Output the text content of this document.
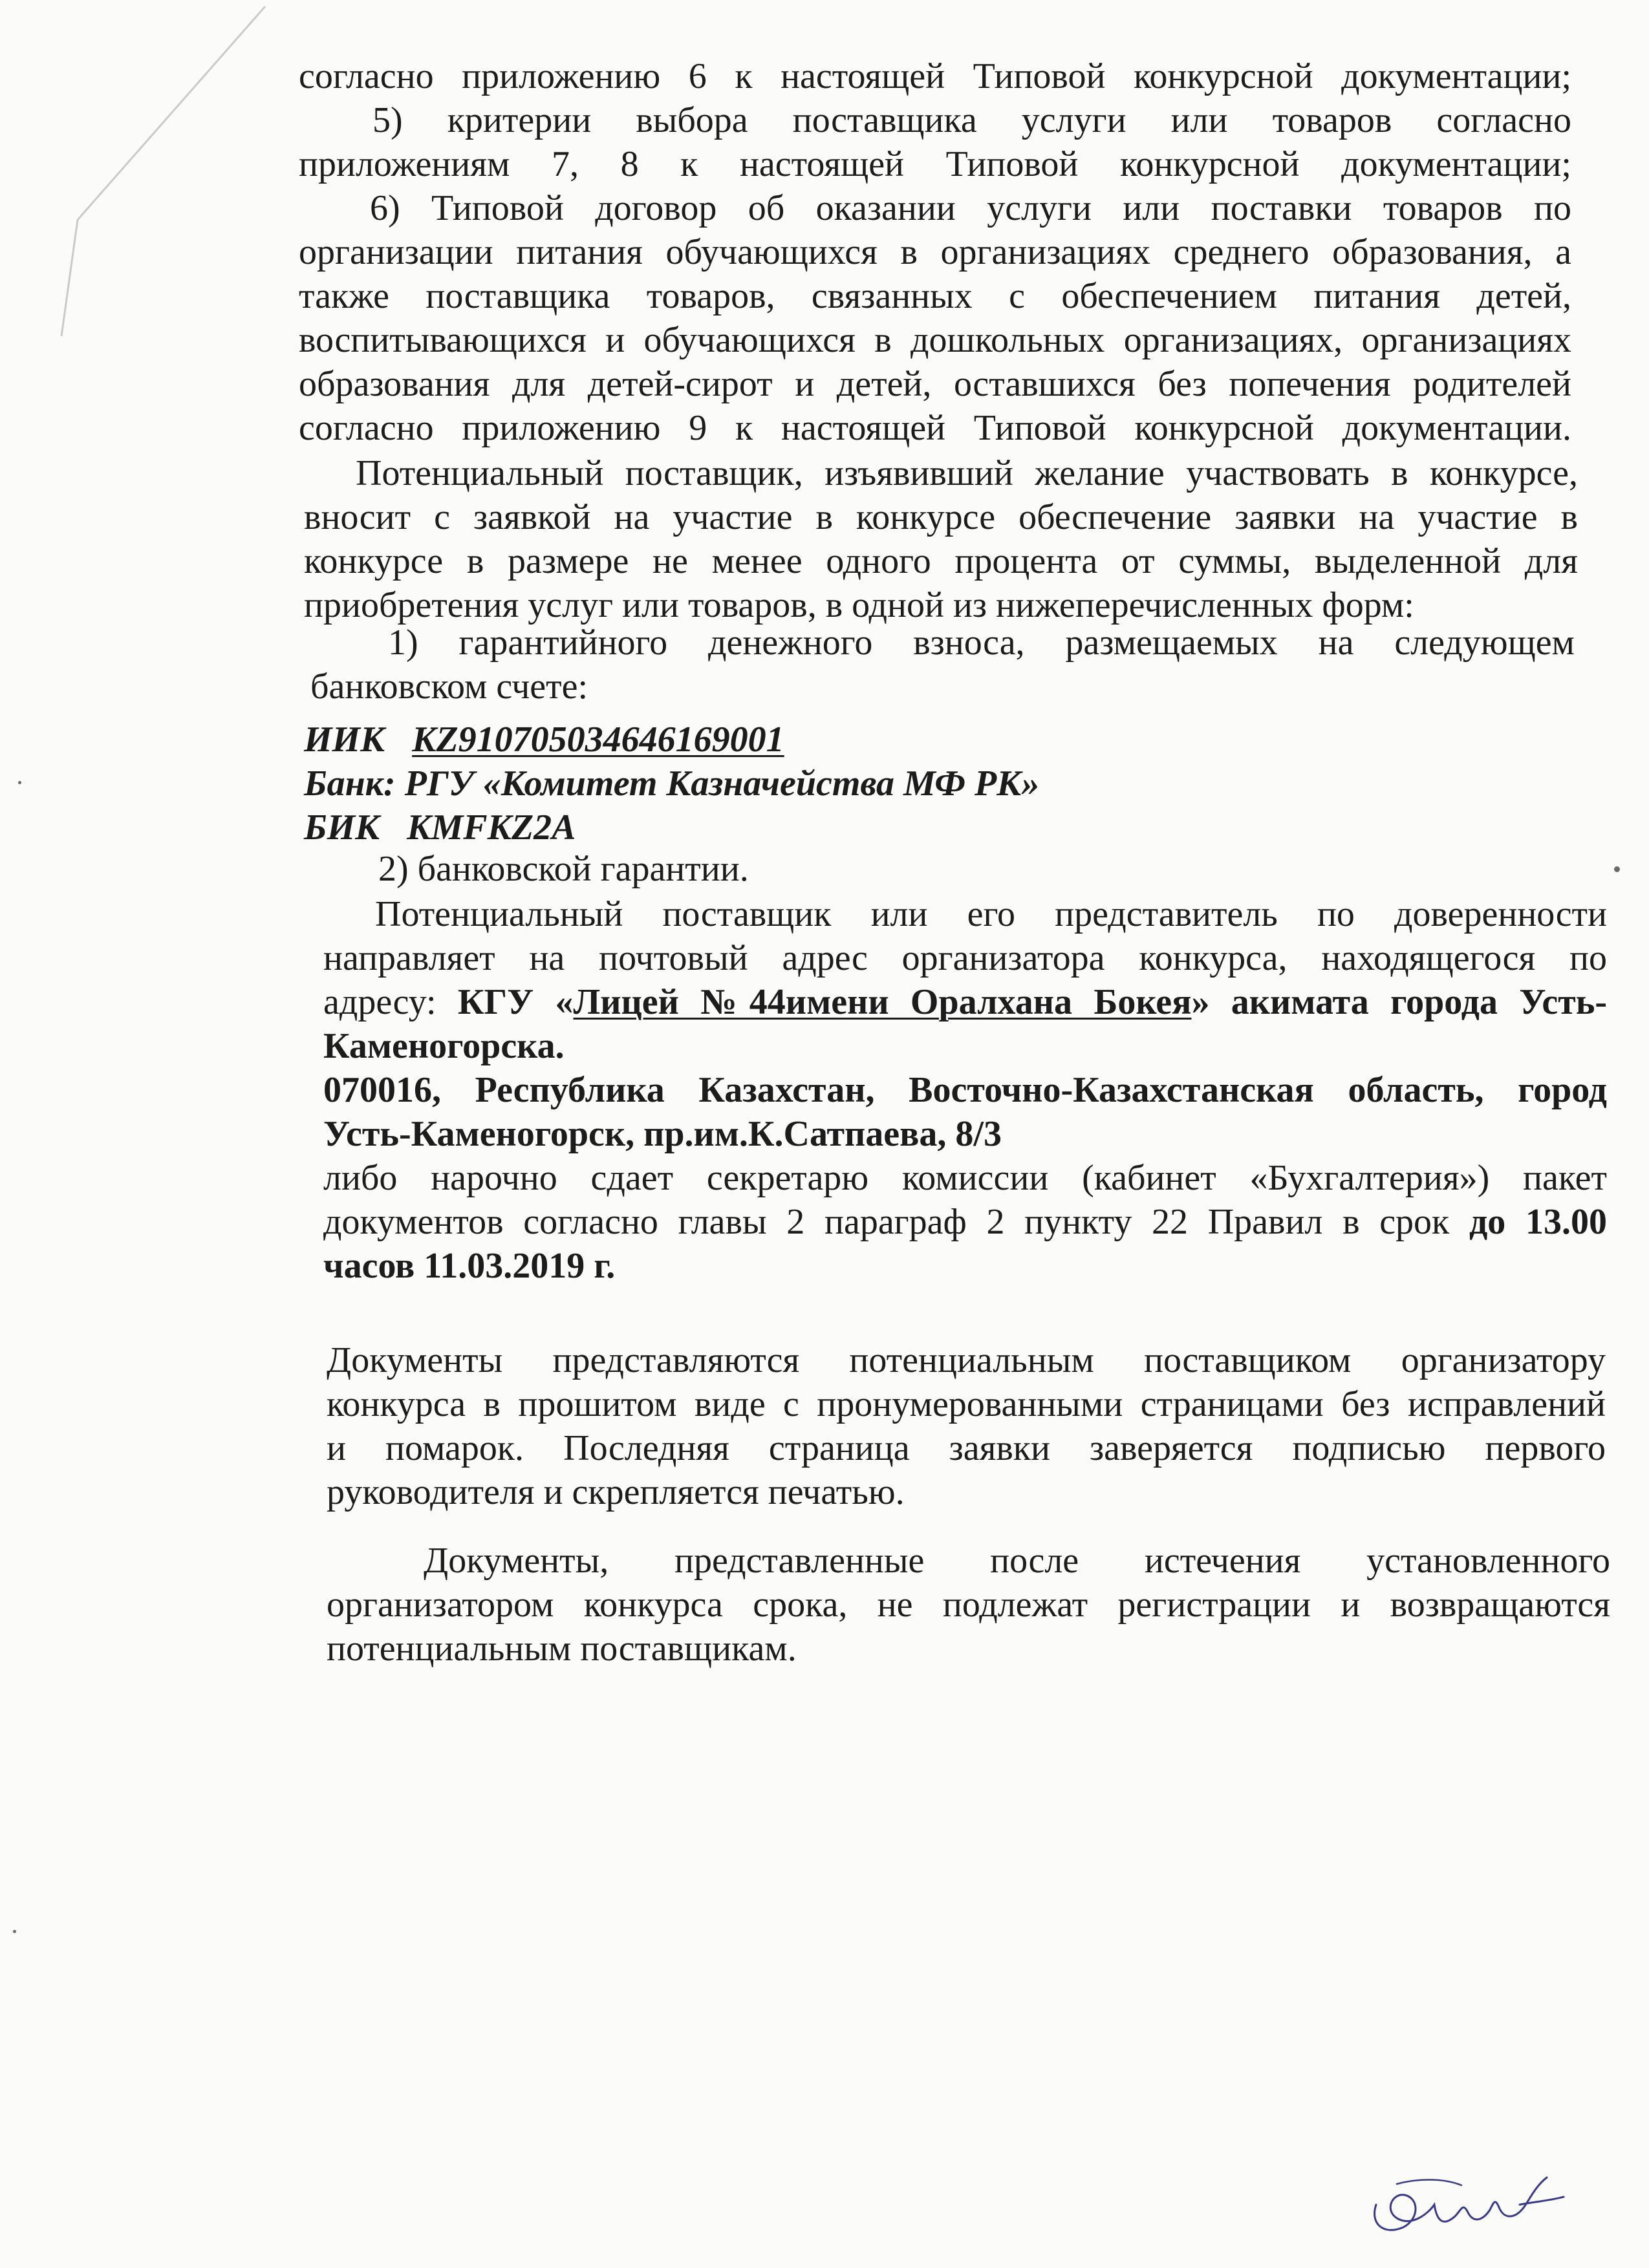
согласно приложению 6 к настоящей Типовой конкурсной документации;
5) критерии выбора поставщика услуги или товаров согласно
приложениям 7, 8 к настоящей Типовой конкурсной документации;
6) Типовой договор об оказании услуги или поставки товаров по
организации питания обучающихся в организациях среднего образования, а
также поставщика товаров, связанных с обеспечением питания детей,
воспитывающихся и обучающихся в дошкольных организациях, организациях
образования для детей-сирот и детей, оставшихся без попечения родителей
согласно приложению 9 к настоящей Типовой конкурсной документации.
Потенциальный поставщик, изъявивший желание участвовать в конкурсе,
вносит с заявкой на участие в конкурсе обеспечение заявки на участие в
конкурсе в размере не менее одного процента от суммы, выделенной для
приобретения услуг или товаров, в одной из нижеперечисленных форм:
1) гарантийного денежного взноса, размещаемых на следующем
банковском счете:
ИИК KZ910705034646169001
Банк: РГУ «Комитет Казначейства МФ РК»
БИК KMFKZ2A
2) банковской гарантии.
Потенциальный поставщик или его представитель по доверенности
направляет на почтовый адрес организатора конкурса, находящегося по
адресу: КГУ «Лицей №44имени Оралхана Бокея» акимата города Усть-
Каменогорска.
070016, Республика Казахстан, Восточно-Казахстанская область, город
Усть-Каменогорск, пр.им.К.Сатпаева, 8/3
либо нарочно сдает секретарю комиссии (кабинет «Бухгалтерия») пакет
документов согласно главы 2 параграф 2 пункту 22 Правил в срок до 13.00
часов 11.03.2019 г.
Документы представляются потенциальным поставщиком организатору
конкурса в прошитом виде с пронумерованными страницами без исправлений
и помарок. Последняя страница заявки заверяется подписью первого
руководителя и скрепляется печатью.
Документы, представленные после истечения установленного
организатором конкурса срока, не подлежат регистрации и возвращаются
потенциальным поставщикам.
